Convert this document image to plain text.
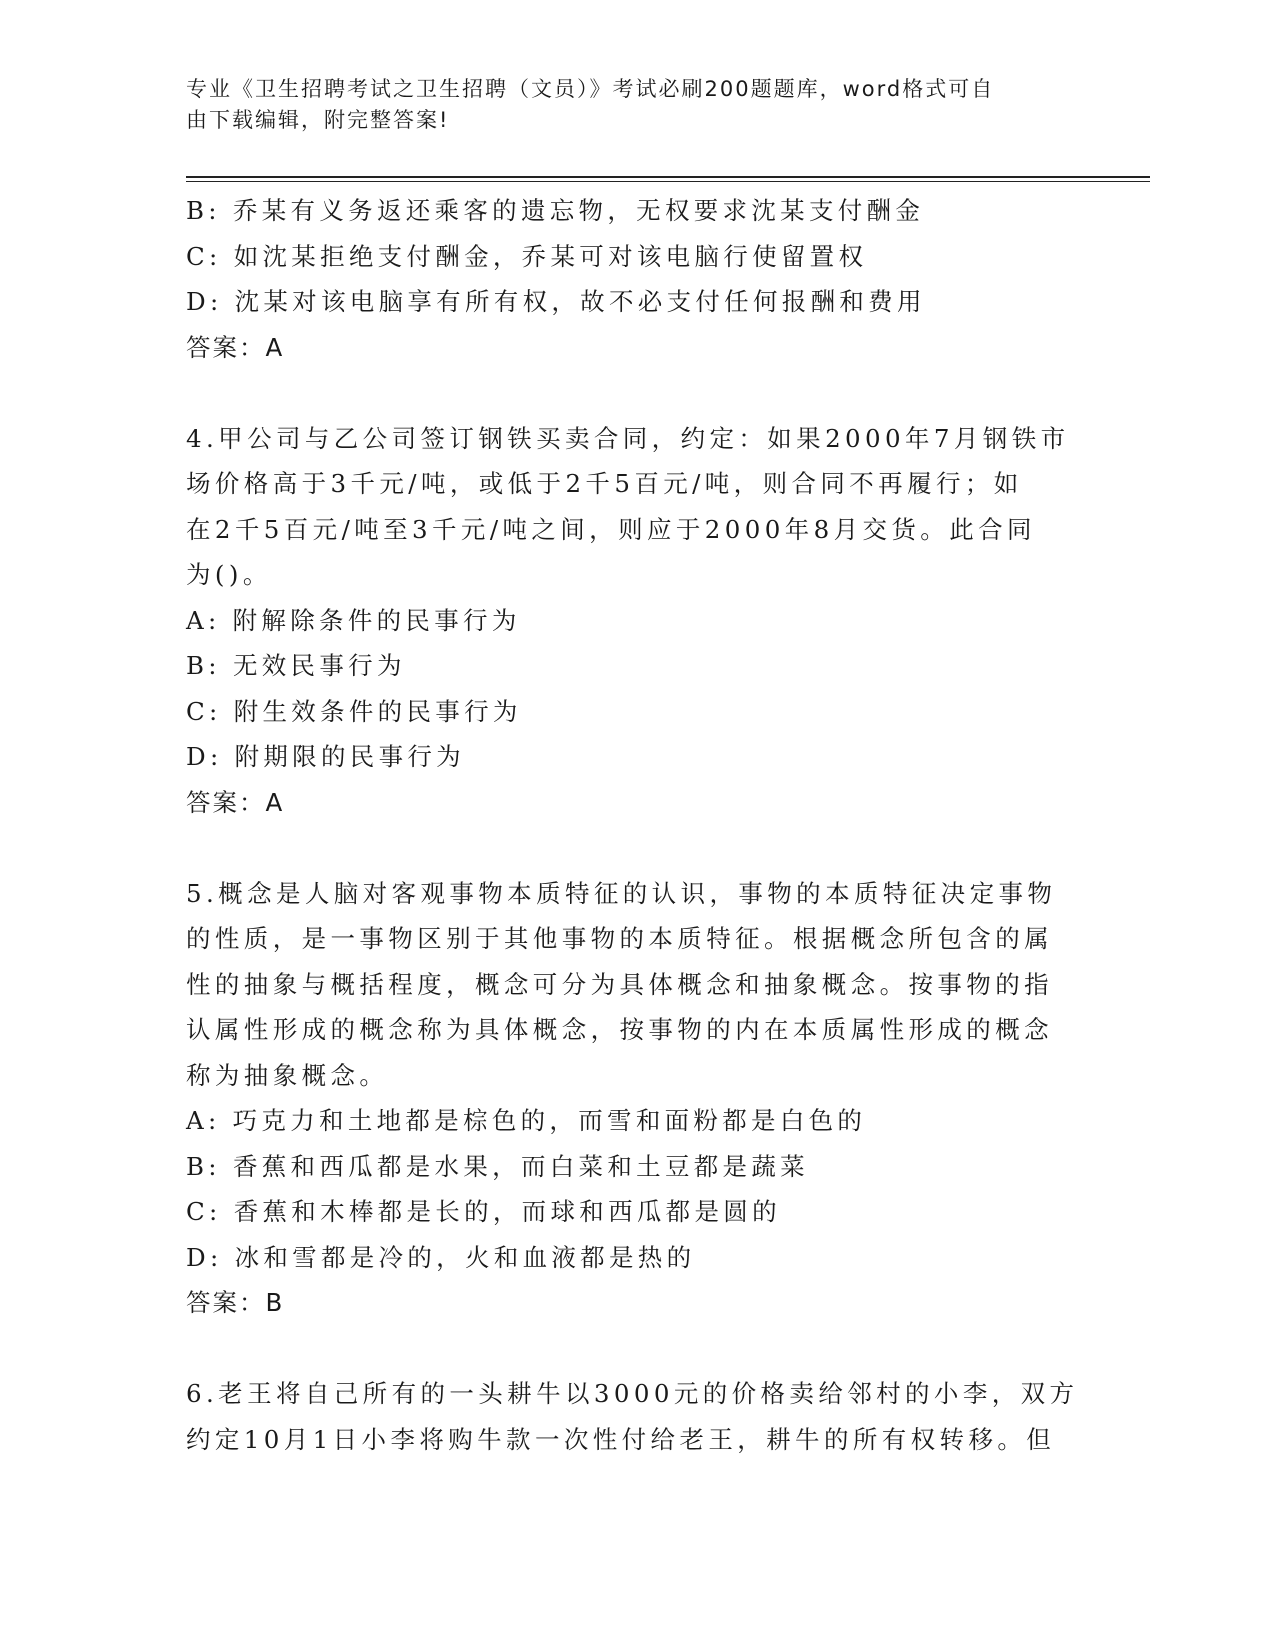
专业《卫生招聘考试之卫生招聘（文员）》考试必刷200题题库，word格式可自
由下载编辑，附完整答案!

B: 乔某有义务返还乘客的遗忘物，无权要求沈某支付酬金

C: 如沈某拒绝支付酬金，乔某可对该电脑行使留置权

D: 沈某对该电脑享有所有权，故不必支付任何报酬和费用

答案：A

4.甲公司与乙公司签订钢铁买卖合同，约定：如果2000年7月钢铁市

场价格高于3千元/吨，或低于2千5百元/吨，则合同不再履行；如

在2千5百元/吨至3千元/吨之间，则应于2000年8月交货。此合同

为()。

A: 附解除条件的民事行为

B: 无效民事行为

C: 附生效条件的民事行为

D: 附期限的民事行为

答案：A

5.概念是人脑对客观事物本质特征的认识，事物的本质特征决定事物

的性质，是一事物区别于其他事物的本质特征。根据概念所包含的属

性的抽象与概括程度，概念可分为具体概念和抽象概念。按事物的指

认属性形成的概念称为具体概念，按事物的内在本质属性形成的概念

称为抽象概念。

A: 巧克力和土地都是棕色的，而雪和面粉都是白色的

B: 香蕉和西瓜都是水果，而白菜和土豆都是蔬菜

C: 香蕉和木棒都是长的，而球和西瓜都是圆的

D: 冰和雪都是冷的，火和血液都是热的

答案：B

6.老王将自己所有的一头耕牛以3000元的价格卖给邻村的小李，双方

约定10月1日小李将购牛款一次性付给老王，耕牛的所有权转移。但
